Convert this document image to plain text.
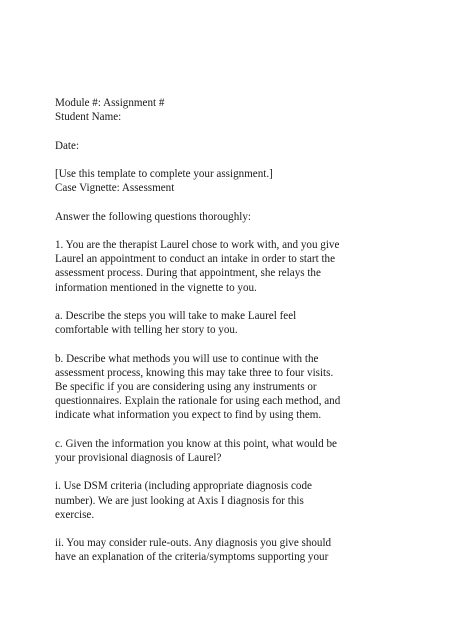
Module #: Assignment #
Student Name:
Date:
[Use this template to complete your assignment.]
Case Vignette: Assessment
Answer the following questions thoroughly:
1. You are the therapist Laurel chose to work with, and you give
Laurel an appointment to conduct an intake in order to start the
assessment process. During that appointment, she relays the
information mentioned in the vignette to you.
a. Describe the steps you will take to make Laurel feel
comfortable with telling her story to you.
b. Describe what methods you will use to continue with the
assessment process, knowing this may take three to four visits.
Be specific if you are considering using any instruments or
questionnaires. Explain the rationale for using each method, and
indicate what information you expect to find by using them.
c. Given the information you know at this point, what would be
your provisional diagnosis of Laurel?
i. Use DSM criteria (including appropriate diagnosis code
number). We are just looking at Axis I diagnosis for this
exercise.
ii. You may consider rule-outs. Any diagnosis you give should
have an explanation of the criteria/symptoms supporting your
